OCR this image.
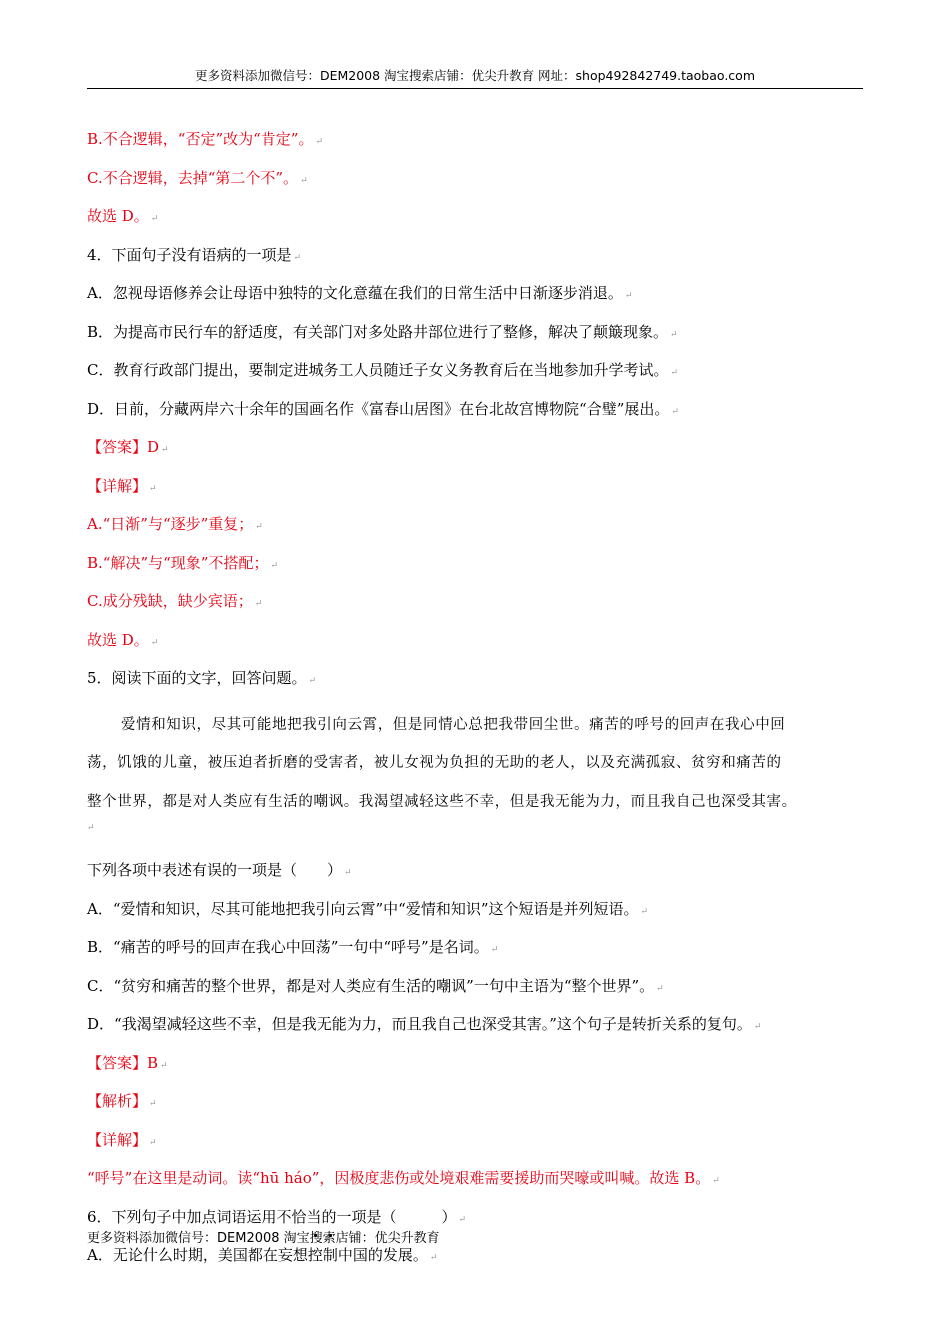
更多资料添加微信号：DEM2008 淘宝搜索店铺：优尖升教育 网址：shop492842749.taobao.com
B.不合逻辑，“否定”改为“肯定”。 ↵
C.不合逻辑，去掉“第二个不”。 ↵
故选 D。 ↵
4．下面句子没有语病的一项是 ↵
A．忽视母语修养会让母语中独特的文化意蕴在我们的日常生活中日渐逐步消退。 ↵
B．为提高市民行车的舒适度，有关部门对多处路井部位进行了整修，解决了颠簸现象。 ↵
C．教育行政部门提出，要制定进城务工人员随迁子女义务教育后在当地参加升学考试。 ↵
D．日前，分藏两岸六十余年的国画名作《富春山居图》在台北故宫博物院“合璧”展出。 ↵
【答案】D ↵
【详解】 ↵
A.“日渐”与“逐步”重复； ↵
B.“解决”与“现象”不搭配； ↵
C.成分残缺，缺少宾语； ↵
故选 D。 ↵
5．阅读下面的文字，回答问题。 ↵
爱情和知识，尽其可能地把我引向云霄，但是同情心总把我带回尘世。痛苦的呼号的回声在我心中回
荡，饥饿的儿童，被压迫者折磨的受害者，被儿女视为负担的无助的老人，以及充满孤寂、贫穷和痛苦的
整个世界，都是对人类应有生活的嘲讽。我渴望减轻这些不幸，但是我无能为力，而且我自己也深受其害。
↵
下列各项中表述有误的一项是（　　） ↵
A．“爱情和知识，尽其可能地把我引向云霄”中“爱情和知识”这个短语是并列短语。 ↵
B．“痛苦的呼号的回声在我心中回荡”一句中“呼号”是名词。 ↵
C．“贫穷和痛苦的整个世界，都是对人类应有生活的嘲讽”一句中主语为“整个世界”。 ↵
D．“我渴望减轻这些不幸，但是我无能为力，而且我自己也深受其害。”这个句子是转折关系的复句。 ↵
【答案】B ↵
【解析】 ↵
【详解】 ↵
“呼号”在这里是动词。读“hū háo”，因极度悲伤或处境艰难需要援助而哭嚎或叫喊。故选 B。 ↵
6．下列句子中加点词语运用不恰当的一项是（　　　） ↵
A．无论什么时期，美国都在妄想控制
中国的发展。 ↵
更多资料添加微信号：DEM2008 淘宝搜索店铺：优尖升教育
